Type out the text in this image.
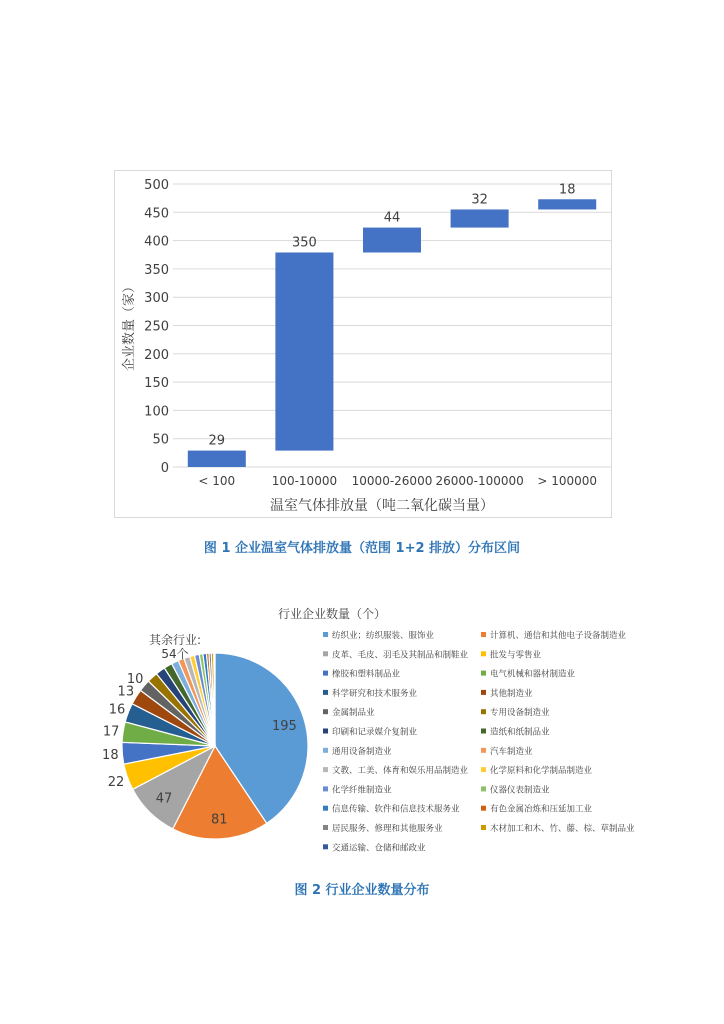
0
50
100
150
200
250
300
350
400
450
500
29
< 100
350
100-10000
44
10000-26000
32
26000-100000
18
> 100000
温室气体排放量（吨二氧化碳当量）
企业数量（家）
图 1 企业温室气体排放量（范围 1+2 排放）分布区间
行业企业数量（个）
195
81
47
22
18
17
16
13
10
其余行业:
54个
纺织业；纺织服装、服饰业	计算机、通信和其他电子设备制造业
皮革、毛皮、羽毛及其制品和制鞋业	批发与零售业
橡胶和塑料制品业	电气机械和器材制造业
科学研究和技术服务业	其他制造业
金属制品业	专用设备制造业
印刷和记录媒介复制业	造纸和纸制品业
通用设备制造业	汽车制造业
文教、工美、体育和娱乐用品制造业	化学原料和化学制品制造业
化学纤维制造业	仪器仪表制造业
信息传输、软件和信息技术服务业	有色金属冶炼和压延加工业
居民服务、修理和其他服务业	木材加工和木、竹、藤、棕、草制品业
交通运输、仓储和邮政业
图 2 行业企业数量分布
